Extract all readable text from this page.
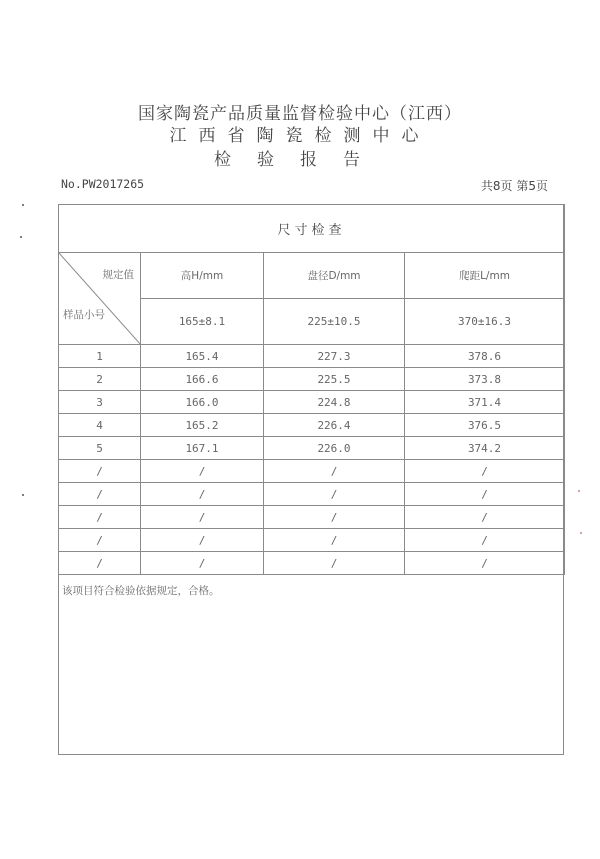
国家陶瓷产品质量监督检验中心（江西）
江西省陶瓷检测中心
检验报告
No.PW2017265	共8页 第5页
尺寸检查			

规定值
样品小号	高H/mm	盘径D/mm	爬距L/mm
	165±8.1	225±10.5	370±16.3
1	165.4	227.3	378.6
2	166.6	225.5	373.8
3	166.0	224.8	371.4
4	165.2	226.4	376.5
5	167.1	226.0	374.2
/	/	/	/
/	/	/	/
/	/	/	/
/	/	/	/
/	/	/	/
该项目符合检验依据规定，合格。
